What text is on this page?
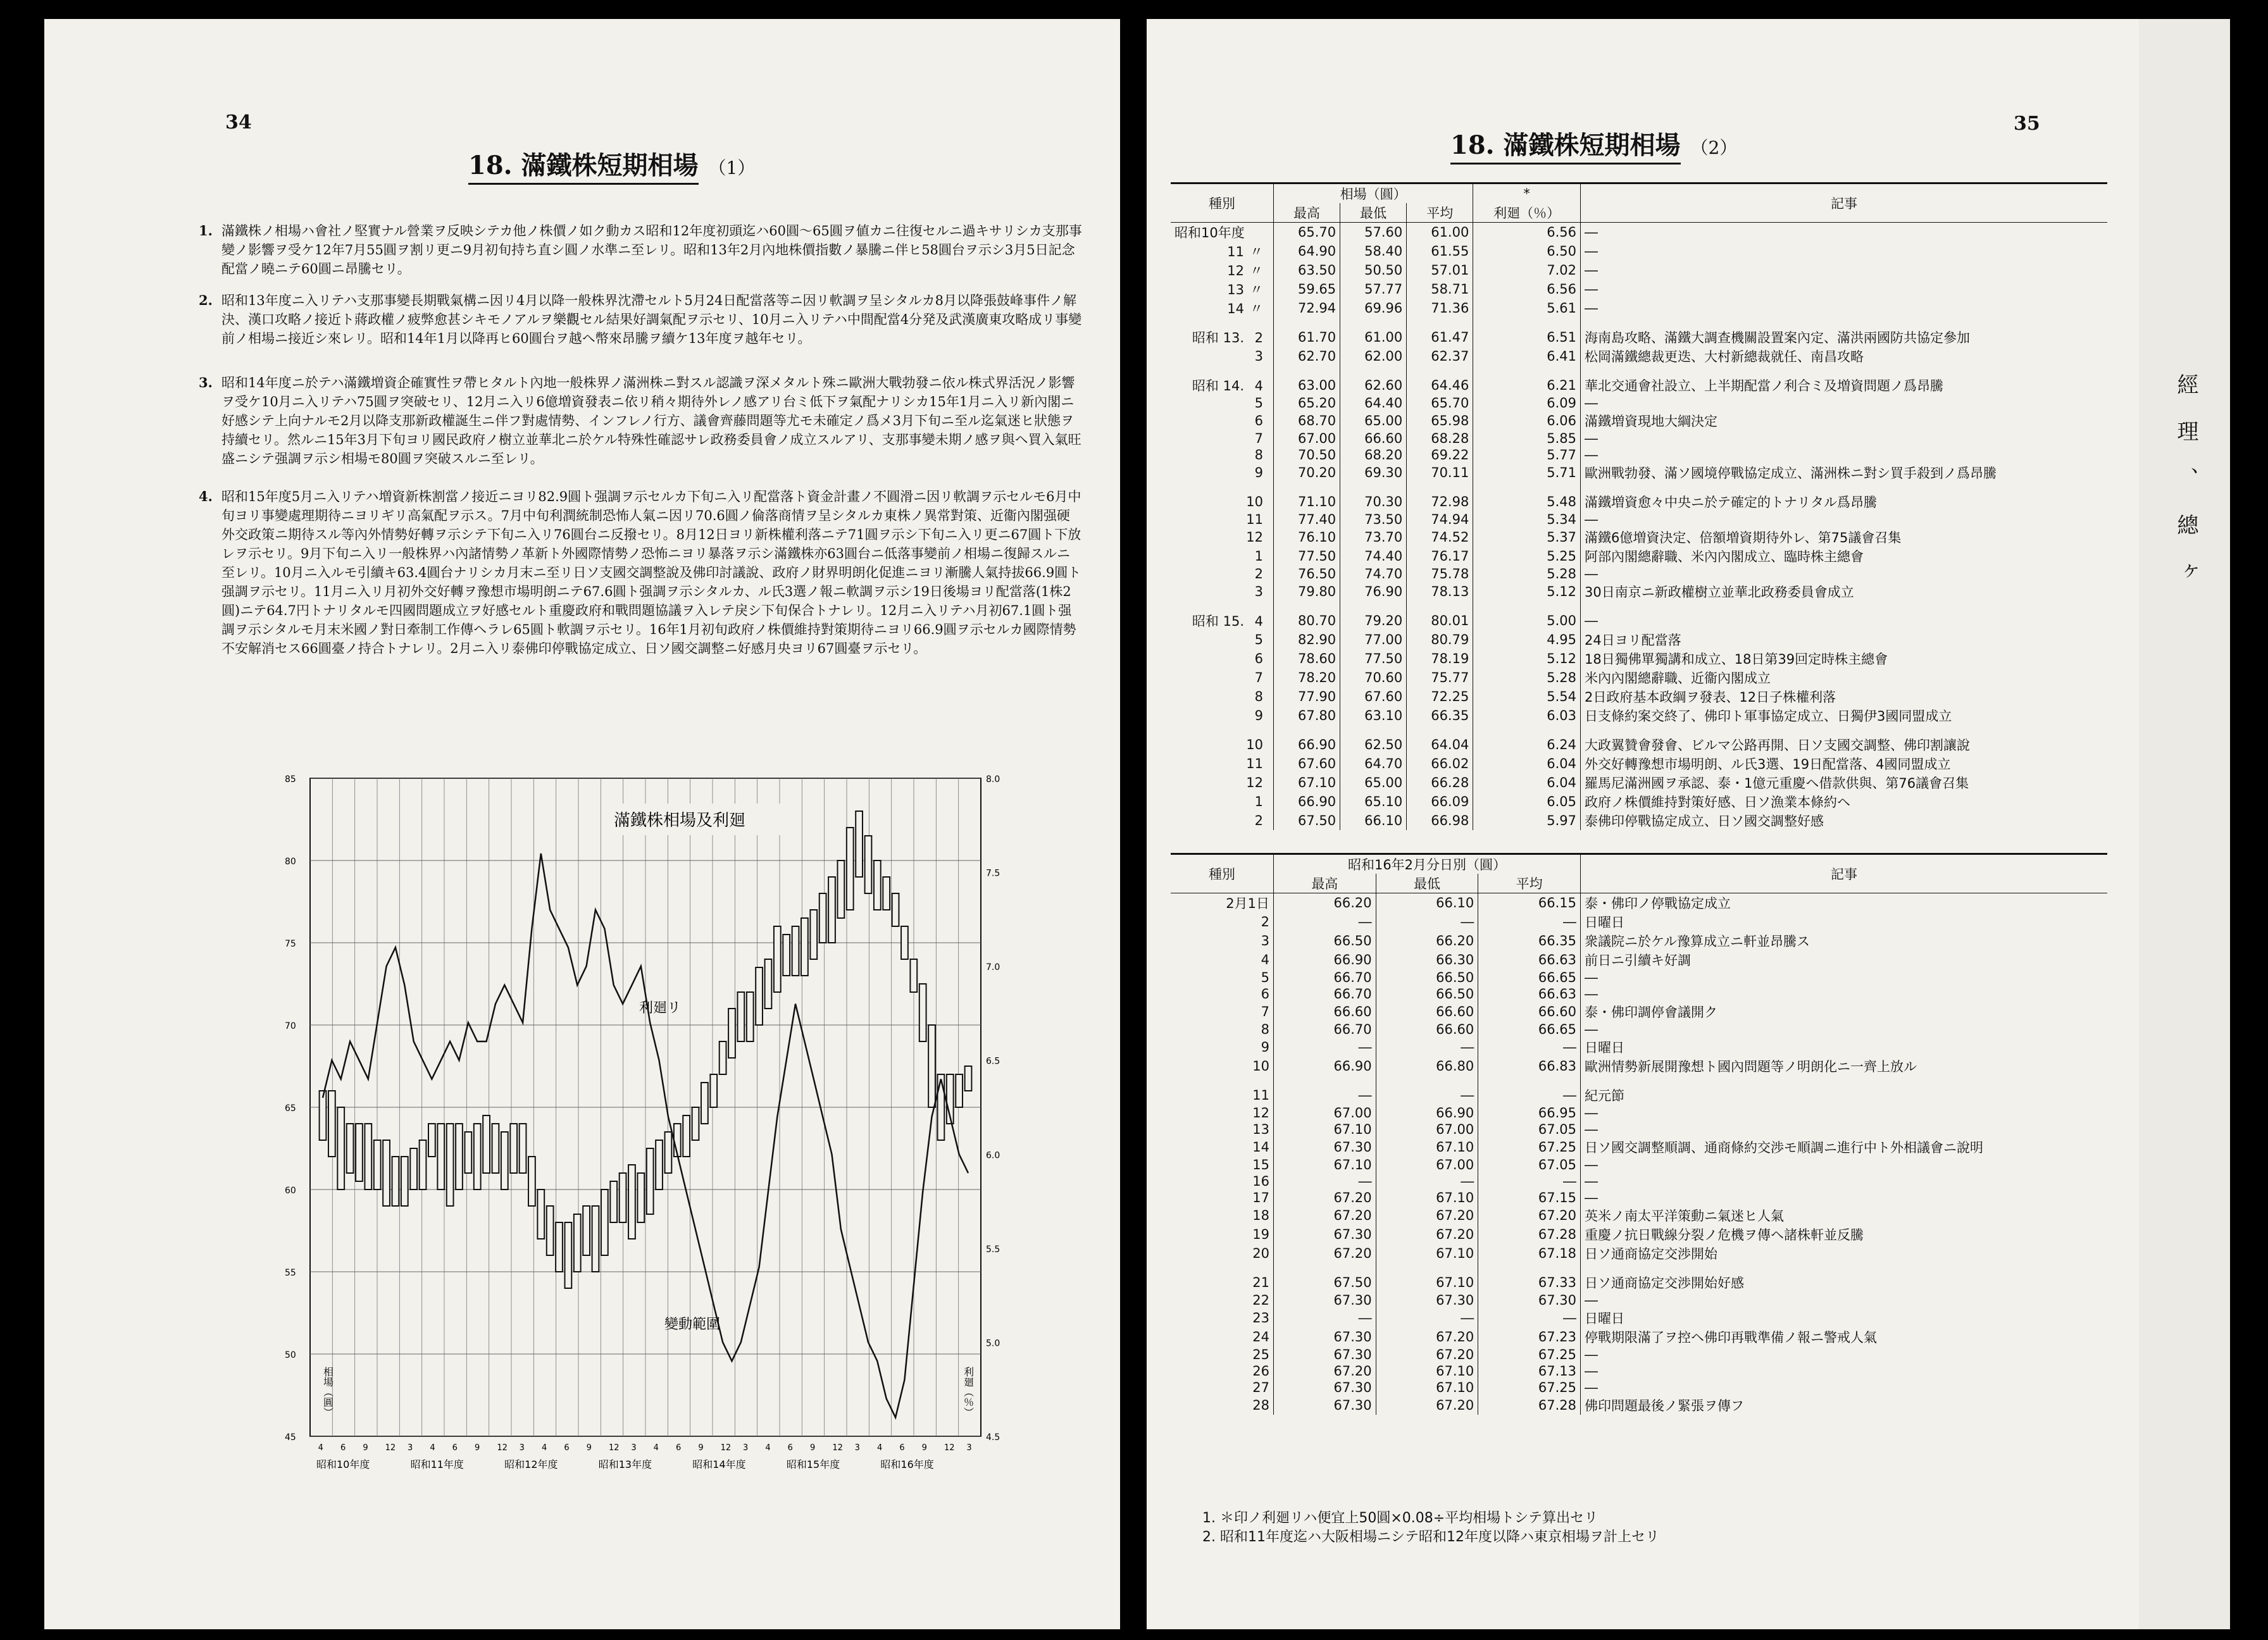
34
18. 滿鐵株短期相場 （1）
1. 滿鐵株ノ相場ハ會社ノ堅實ナル營業ヲ反映シテカ他ノ株價ノ如ク動カス昭和12年度初頭迄ハ60圓～65圓ヲ値カニ往復セルニ過キサリシカ支那事變ノ影響ヲ受ケ12年7月55圓ヲ割リ更ニ9月初旬持ち直シ圓ノ水準ニ至レリ。昭和13年2月內地株價指數ノ暴騰ニ伴ヒ58圓台ヲ示シ3月5日記念配當ノ曉ニテ60圓ニ昂騰セリ。
2. 昭和13年度ニ入リテハ支那事變長期戰氣構ニ因リ4月以降一般株界沈滯セルト5月24日配當落等ニ因リ軟調ヲ呈シタルカ8月以降張鼓峰事件ノ解決、漢口攻略ノ接近ト蔣政權ノ疲弊愈甚シキモノアルヲ樂觀セル結果好調氣配ヲ示セリ、10月ニ入リテハ中間配當4分発及武漢廣東攻略成リ事變前ノ相場ニ接近シ來レリ。昭和14年1月以降再ヒ60圓台ヲ越ヘ幣來昂騰ヲ續ケ13年度ヲ越年セリ。
3. 昭和14年度ニ於テハ滿鐵増資企確實性ヲ帶ヒタルト內地一般株界ノ滿洲株ニ對スル認識ヲ深メタルト殊ニ歐洲大戰勃發ニ依ル株式界活況ノ影響ヲ受ケ10月ニ入リテハ75圓ヲ突破セリ、12月ニ入リ6億増資發表ニ依リ稍々期待外レノ感アリ台ミ低下ヲ氣配ナリシカ15年1月ニ入リ新內閣ニ好感シテ上向ナルモ2月以降支那新政權誕生ニ伴フ對處情勢、インフレノ行方、議會齊藤問題等尤モ未確定ノ爲メ3月下旬ニ至ル迄氣迷ヒ狀態ヲ持續セリ。然ルニ15年3月下旬ヨリ國民政府ノ樹立並華北ニ於ケル特殊性確認サレ政務委員會ノ成立スルアリ、支那事變未期ノ感ヲ與ヘ買入氣旺盛ニシテ强調ヲ示シ相場モ80圓ヲ突破スルニ至レリ。
4. 昭和15年度5月ニ入リテハ増資新株割當ノ接近ニヨリ82.9圓ト强調ヲ示セルカ下旬ニ入リ配當落ト資金計畫ノ不圓滑ニ因リ軟調ヲ示セルモ6月中旬ヨリ事變處理期待ニヨリギリ高氣配ヲ示ス。7月中旬利潤統制恐怖人氣ニ因リ70.6圓ノ倫落商情ヲ呈シタルカ東株ノ異常對策、近衞內閣强硬外交政策ニ期待スル等內外情勢好轉ヲ示シテ下旬ニ入リ76圓台ニ反撥セリ。8月12日ヨリ新株權利落ニテ71圓ヲ示シ下旬ニ入リ更ニ67圓ト下放レヲ示セリ。9月下旬ニ入リ一般株界ハ內諸情勢ノ革新ト外國際情勢ノ恐怖ニヨリ暴落ヲ示シ滿鐵株亦63圓台ニ低落事變前ノ相場ニ復歸スルニ至レリ。10月ニ入ルモ引續キ63.4圓台ナリシカ月末ニ至リ日ソ支國交調整說及佛印討議說、政府ノ財界明朗化促進ニヨリ漸騰人氣持拔66.9圓ト强調ヲ示セリ。11月ニ入リ月初外交好轉ヲ豫想市場明朗ニテ67.6圓ト强調ヲ示シタルカ、ル氏3選ノ報ニ軟調ヲ示シ19日後場ヨリ配當落(1株2圓)ニテ64.7円トナリタルモ四國問題成立ヲ好感セルト重慶政府和戰問題協議ヲ入レテ戾シ下旬保合トナレリ。12月ニ入リテハ月初67.1圓ト强調ヲ示シタルモ月末米國ノ對日牽制工作傳ヘラレ65圓ト軟調ヲ示セリ。16年1月初旬政府ノ株價維持對策期待ニヨリ66.9圓ヲ示セルカ國際情勢不安解消セス66圓臺ノ持合トナレリ。2月ニ入リ泰佛印停戰協定成立、日ソ國交調整ニ好感月央ヨリ67圓臺ヲ示セリ。
85
80
75
70
65
60
55
50
45
8.0
7.5
7.0
6.5
6.0
5.5
5.0
4.5
4 6 9 12 3 4 6 9 12 3 4 6 9 12 3 4 6 9 12 3 4 6 9 12 3 4 6 9 12 3
昭和10年度	昭和11年度	昭和12年度	昭和13年度	昭和14年度	昭和15年度	昭和16年度
滿鐵株相場及利廻
利廻リ
變動範圍
相場（圓）	利廻（％）
35
18. 滿鐵株短期相場 （2）
經理、總ヶ
種別	相場（圓）			*	記事
	最高	最低	平均	利廻（％）	
昭和10年度	65.70	57.60	61.00	6.56	―
11 〃	64.90	58.40	61.55	6.50	―
12 〃	63.50	50.50	57.01	7.02	―
13 〃	59.65	57.77	58.71	6.56	―
14 〃	72.94	69.96	71.36	5.61	―

昭和 13. 2	61.70	61.00	61.47	6.51	海南島攻略、滿鐵大調查機關設置案內定、滿洪兩國防共協定參加
3	62.70	62.00	62.37	6.41	松岡滿鐵總裁更迭、大村新總裁就任、南昌攻略

昭和 14. 4	63.00	62.60	64.46	6.21	華北交通會社設立、上半期配當ノ利合ミ及増資問題ノ爲昂騰
5	65.20	64.40	65.70	6.09	―
6	68.70	65.00	65.98	6.06	滿鐵増資現地大綱決定
7	67.00	66.60	68.28	5.85	―
8	70.50	68.20	69.22	5.77	―
9	70.20	69.30	70.11	5.71	歐洲戰勃發、滿ソ國境停戰協定成立、滿洲株ニ對シ買手殺到ノ爲昂騰

10	71.10	70.30	72.98	5.48	滿鐵増資愈々中央ニ於テ確定的トナリタル爲昂騰
11	77.40	73.50	74.94	5.34	―
12	76.10	73.70	74.52	5.37	滿鐵6億増資決定、倍額増資期待外レ、第75議會召集
1	77.50	74.40	76.17	5.25	阿部內閣總辭職、米內內閣成立、臨時株主總會
2	76.50	74.70	75.78	5.28	―
3	79.80	76.90	78.13	5.12	30日南京ニ新政權樹立並華北政務委員會成立

昭和 15. 4	80.70	79.20	80.01	5.00	―
5	82.90	77.00	80.79	4.95	24日ヨリ配當落
6	78.60	77.50	78.19	5.12	18日獨佛單獨講和成立、18日第39回定時株主總會
7	78.20	70.60	75.77	5.28	米內內閣總辭職、近衞內閣成立
8	77.90	67.60	72.25	5.54	2日政府基本政綱ヲ發表、12日子株權利落
9	67.80	63.10	66.35	6.03	日支條約案交終了、佛印ト軍事協定成立、日獨伊3國同盟成立

10	66.90	62.50	64.04	6.24	大政翼贊會發會、ビルマ公路再開、日ソ支國交調整、佛印割讓說
11	67.60	64.70	66.02	6.04	外交好轉豫想市場明朗、ル氏3選、19日配當落、4國同盟成立
12	67.10	65.00	66.28	6.04	羅馬尼滿洲國ヲ承認、泰・1億元重慶ヘ借款供與、第76議會召集
1	66.90	65.10	66.09	6.05	政府ノ株價維持對策好感、日ソ漁業本條約ヘ
2	67.50	66.10	66.98	5.97	泰佛印停戰協定成立、日ソ國交調整好感
種別	昭和16年2月分日別（圓）			記事
	最高	最低	平均	
2月1日	66.20	66.10	66.15	泰・佛印ノ停戰協定成立
2	―	―	―	日曜日
3	66.50	66.20	66.35	衆議院ニ於ケル豫算成立ニ軒並昂騰ス
4	66.90	66.30	66.63	前日ニ引續キ好調
5	66.70	66.50	66.65	―
6	66.70	66.50	66.63	―
7	66.60	66.60	66.60	泰・佛印調停會議開ク
8	66.70	66.60	66.65	―
9	―	―	―	日曜日
10	66.90	66.80	66.83	歐洲情勢新展開豫想ト國內問題等ノ明朗化ニ一齊上放ル

11	―	―	―	紀元節
12	67.00	66.90	66.95	―
13	67.10	67.00	67.05	―
14	67.30	67.10	67.25	日ソ國交調整順調、通商條約交渉モ順調ニ進行中ト外相議會ニ說明
15	67.10	67.00	67.05	―
16	―	―	―	―
17	67.20	67.10	67.15	―
18	67.20	67.20	67.20	英米ノ南太平洋策動ニ氣迷ヒ人氣
19	67.30	67.20	67.28	重慶ノ抗日戰線分裂ノ危機ヲ傳ヘ諸株軒並反騰
20	67.20	67.10	67.18	日ソ通商協定交渉開始

21	67.50	67.10	67.33	日ソ通商協定交渉開始好感
22	67.30	67.30	67.30	―
23	―	―	―	日曜日
24	67.30	67.20	67.23	停戰期限滿了ヲ控ヘ佛印再戰準備ノ報ニ警戒人氣
25	67.30	67.20	67.25	―
26	67.20	67.10	67.13	―
27	67.30	67.10	67.25	―
28	67.30	67.20	67.28	佛印問題最後ノ緊張ヲ傳フ
1. ＊印ノ利廻リハ便宜上50圓×0.08÷平均相場トシテ算出セリ
2. 昭和11年度迄ハ大阪相場ニシテ昭和12年度以降ハ東京相場ヲ計上セリ
